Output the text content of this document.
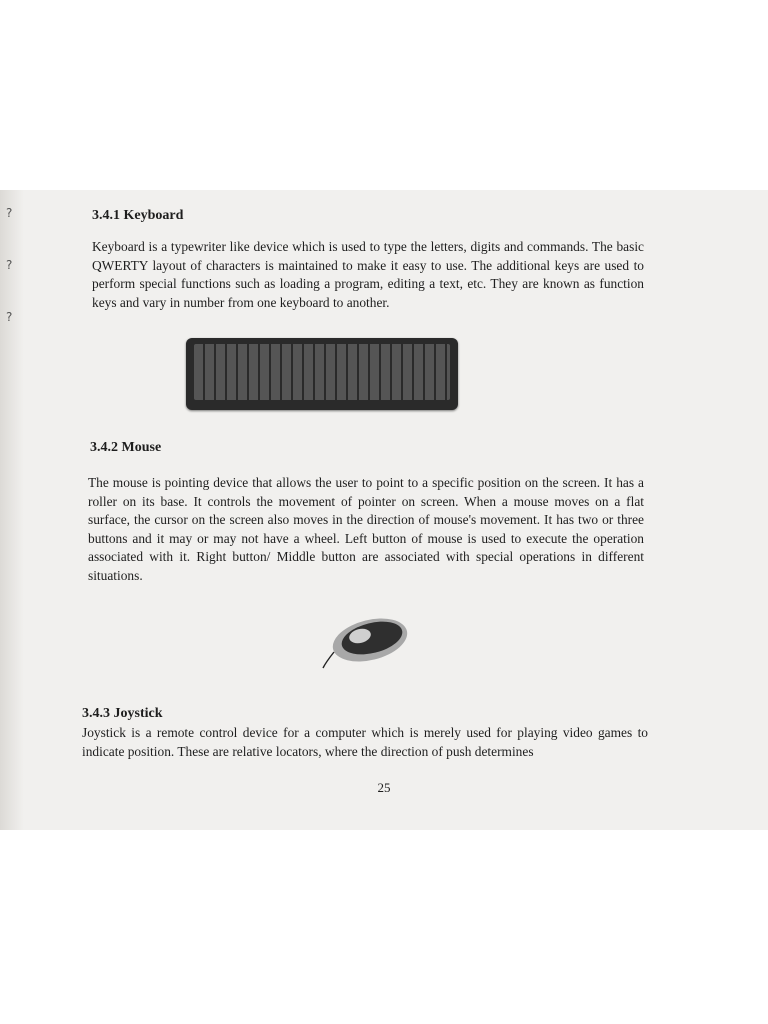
?
?
?
3.4.1 Keyboard

Keyboard is a typewriter like device which is used to type the letters, digits and commands. The basic QWERTY layout of characters is maintained to make it easy to use. The additional keys are used to perform special functions such as loading a program, editing a text, etc. They are known as function keys and vary in number from one keyboard to another.

3.4.2 Mouse

The mouse is pointing device that allows the user to point to a specific position on the screen. It has a roller on its base. It controls the movement of pointer on screen. When a mouse moves on a flat surface, the cursor on the screen also moves in the direction of mouse's movement. It has two or three buttons and it may or may not have a wheel. Left button of mouse is used to execute the operation associated with it. Right button/ Middle button are associated with special operations in different situations.

3.4.3 Joystick

Joystick is a remote control device for a computer which is merely used for playing video games to indicate position. These are relative locators, where the direction of push determines

25
